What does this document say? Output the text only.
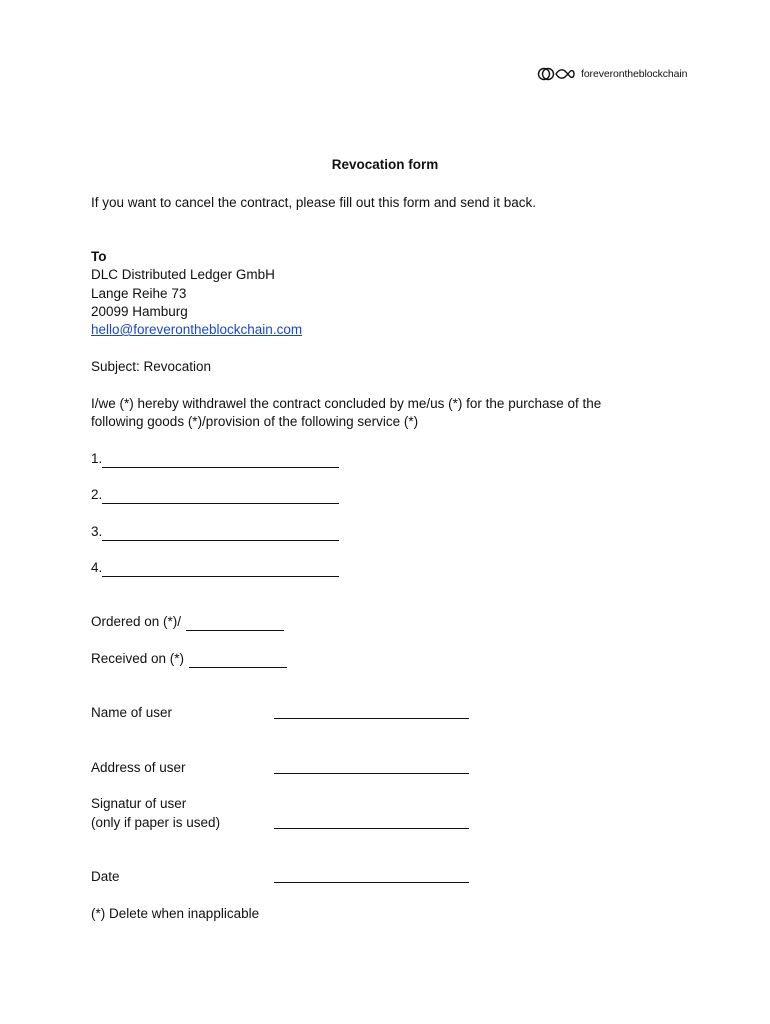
foreverontheblockchain
Revocation form
If you want to cancel the contract, please fill out this form and send it back.
To
DLC Distributed Ledger GmbH
Lange Reihe 73
20099 Hamburg
hello@foreverontheblockchain.com
Subject: Revocation
I/we (*) hereby withdrawel the contract concluded by me/us (*) for the purchase of the
following goods (*)/provision of the following service (*)
1.
2.
3.
4.
Ordered on (*)/
Received on (*)
Name of user
Address of user
Signatur of user
(only if paper is used)
Date
(*) Delete when inapplicable
